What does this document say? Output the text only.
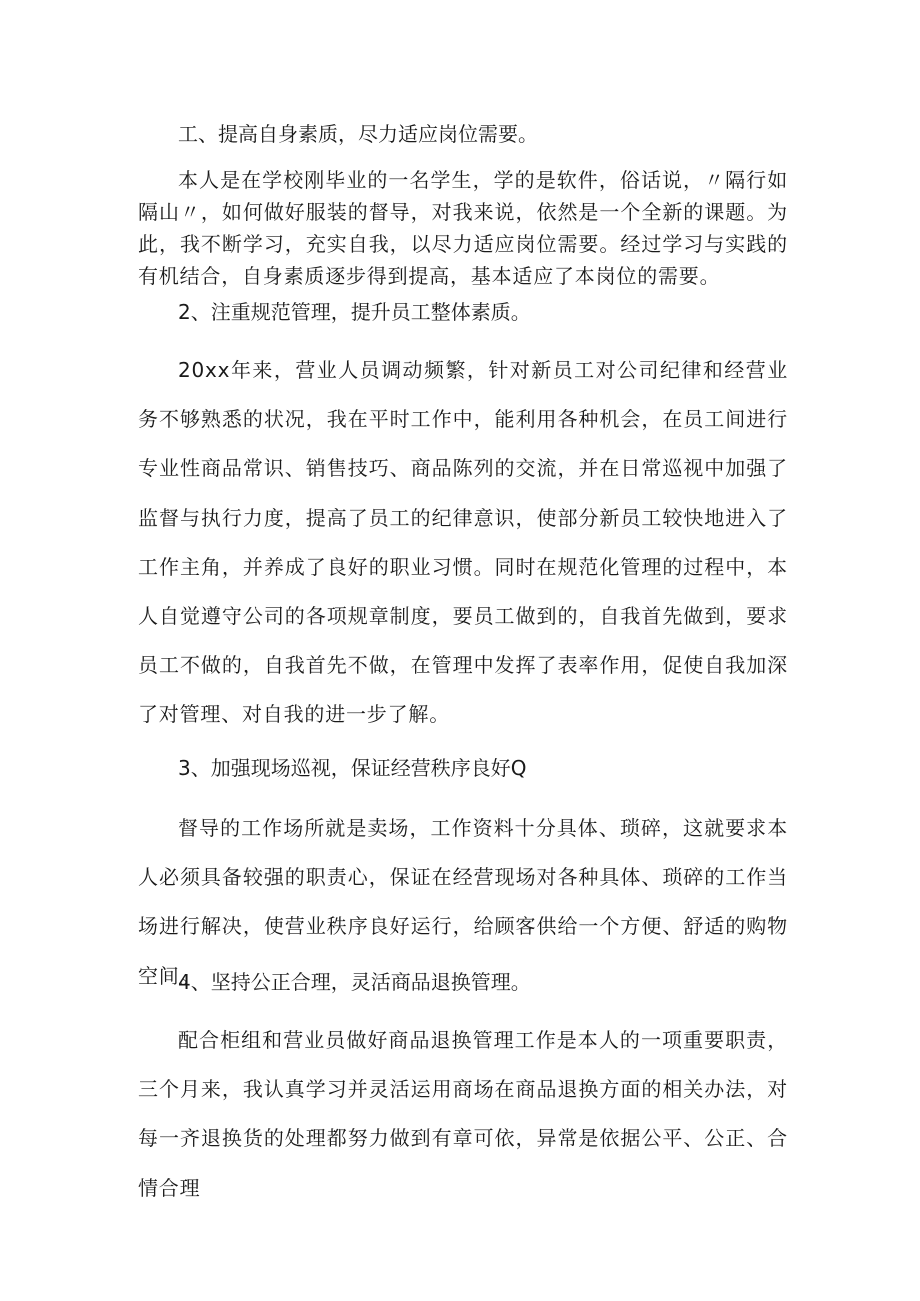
工、提高自身素质，尽力适应岗位需要。

本人是在学校刚毕业的一名学生，学的是软件，俗话说，〃隔行如隔山〃，如何做好服装的督导，对我来说，依然是一个全新的课题。为此，我不断学习，充实自我，以尽力适应岗位需要。经过学习与实践的有机结合，自身素质逐步得到提高，基本适应了本岗位的需要。

2、注重规范管理，提升员工整体素质。

20xx年来，营业人员调动频繁，针对新员工对公司纪律和经营业务不够熟悉的状况，我在平时工作中，能利用各种机会，在员工间进行专业性商品常识、销售技巧、商品陈列的交流，并在日常巡视中加强了监督与执行力度，提高了员工的纪律意识，使部分新员工较快地进入了工作主角，并养成了良好的职业习惯。同时在规范化管理的过程中，本人自觉遵守公司的各项规章制度，要员工做到的，自我首先做到，要求员工不做的，自我首先不做，在管理中发挥了表率作用，促使自我加深了对管理、对自我的进一步了解。

3、加强现场巡视，保证经营秩序良好Q

督导的工作场所就是卖场，工作资料十分具体、琐碎，这就要求本人必须具备较强的职责心，保证在经营现场对各种具体、琐碎的工作当场进行解决，使营业秩序良好运行，给顾客供给一个方便、舒适的购物空间。

4、坚持公正合理，灵活商品退换管理。

配合柜组和营业员做好商品退换管理工作是本人的一项重要职责，三个月来，我认真学习并灵活运用商场在商品退换方面的相关办法，对每一齐退换货的处理都努力做到有章可依，异常是依据公平、公正、合情合理
